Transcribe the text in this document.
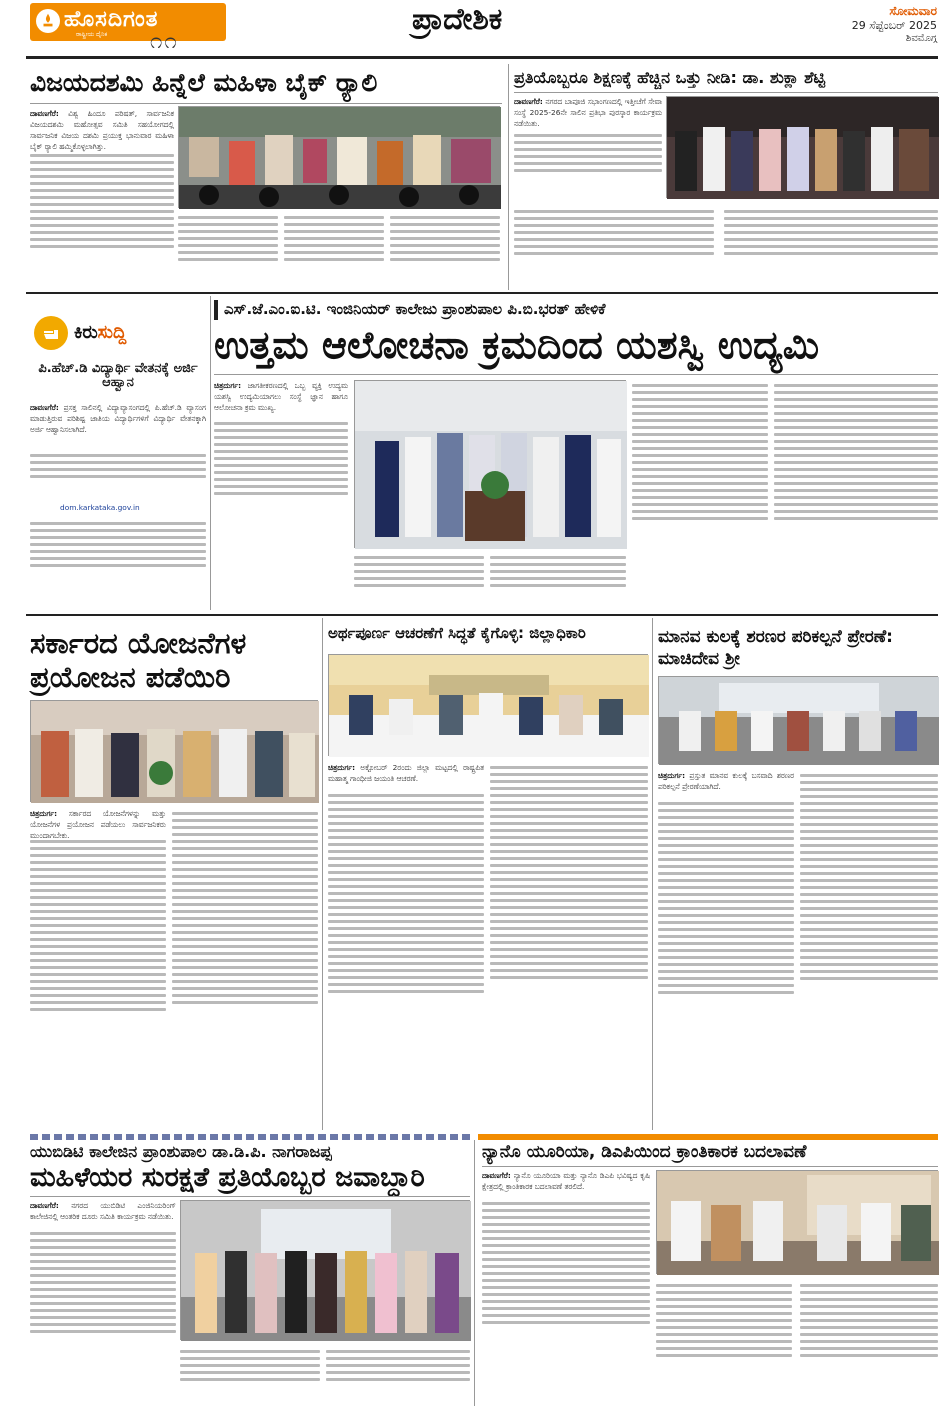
ಹೊಸದಿಗಂತ
ರಾಷ್ಟ್ರೀಯ ದೈನಿಕ ೧೧
ಪ್ರಾದೇಶಿಕ	ಸೋಮವಾರ
29 ಸೆಪ್ಟೆಂಬರ್ 2025
ಶಿವಮೊಗ್ಗ
ವಿಜಯದಶಮಿ ಹಿನ್ನೆಲೆ ಮಹಿಳಾ ಬೈಕ್ ರ‍್ಯಾಲಿ
ದಾವಣಗೆರೆ: ವಿಶ್ವ ಹಿಂದೂ ಪರಿಷತ್, ಸಾರ್ವಜನಿಕ ವಿಜಯದಶಮಿ ಮಹೋತ್ಸವ ಸಮಿತಿ ಸಹಯೋಗದಲ್ಲಿ ಸಾರ್ವಜನಿಕ ವಿಜಯ ದಶಮಿ ಪ್ರಯುಕ್ತ ಭಾನುವಾರ ಮಹಿಳಾ ಬೈಕ್ ರ‍್ಯಾಲಿ ಹಮ್ಮಿಕೊಳ್ಳಲಾಗಿತ್ತು.
ಪ್ರತಿಯೊಬ್ಬರೂ ಶಿಕ್ಷಣಕ್ಕೆ ಹೆಚ್ಚಿನ ಒತ್ತು ನೀಡಿ: ಡಾ. ಶುಕ್ಲಾ ಶೆಟ್ಟಿ
ದಾವಣಗೆರೆ: ನಗರದ ಬಾಪೂಜಿ ಸಭಾಂಗಣದಲ್ಲಿ ಇತ್ತೀಚೆಗೆ ಸೇವಾ ಸಂಸ್ಥೆ 2025-26ನೇ ಸಾಲಿನ ಪ್ರತಿಭಾ ಪುರಸ್ಕಾರ ಕಾರ್ಯಕ್ರಮ ನಡೆಯಿತು.
ಕಿರುಸುದ್ದಿ
ಪಿ.ಹೆಚ್.ಡಿ ವಿದ್ಯಾರ್ಥಿ ವೇತನಕ್ಕೆ ಅರ್ಜಿ ಆಹ್ವಾನ
ದಾವಣಗೆರೆ: ಪ್ರಸಕ್ತ ಸಾಲಿನಲ್ಲಿ ವಿದ್ಯಾವ್ಯಾಸಂಗದಲ್ಲಿ ಪಿ.ಹೆಚ್.ಡಿ ವ್ಯಾಸಂಗ ಮಾಡುತ್ತಿರುವ ಪರಿಶಿಷ್ಟ ಜಾತಿಯ ವಿದ್ಯಾರ್ಥಿಗಳಿಗೆ ವಿದ್ಯಾರ್ಥಿ ವೇತನಕ್ಕಾಗಿ ಅರ್ಜಿ ಆಹ್ವಾನಿಸಲಾಗಿದೆ.
dom.karkataka.gov.in
ಎಸ್.ಜೆ.ಎಂ.ಐ.ಟಿ. ಇಂಜಿನಿಯರ್ ಕಾಲೇಜು ಪ್ರಾಂಶುಪಾಲ ಪಿ.ಬಿ.ಭರತ್ ಹೇಳಿಕೆ
ಉತ್ತಮ ಆಲೋಚನಾ ಕ್ರಮದಿಂದ ಯಶಸ್ವಿ ಉದ್ಯಮಿ
ಚಿತ್ರದುರ್ಗ: ಜಾಗತೀಕರಣದಲ್ಲಿ ಒಬ್ಬ ವ್ಯಕ್ತಿ ಉದ್ಯಮ ಯಶಸ್ವಿ ಉದ್ಯಮಿಯಾಗಲು ಸಂಸ್ಥೆ ಜ್ಞಾನ ಹಾಗೂ ಆಲೋಚನಾ ಕ್ರಮ ಮುಖ್ಯ.
ಸರ್ಕಾರದ ಯೋಜನೆಗಳ ಪ್ರಯೋಜನ ಪಡೆಯಿರಿ
ಚಿತ್ರದುರ್ಗ: ಸರ್ಕಾರದ ಯೋಜನೆಗಳನ್ನು ಮತ್ತು ಯೋಜನೆಗಳ ಪ್ರಯೋಜನ ಪಡೆಯಲು ಸಾರ್ವಜನಿಕರು ಮುಂದಾಗಬೇಕು.
ಅರ್ಥಪೂರ್ಣ ಆಚರಣೆಗೆ ಸಿದ್ಧತೆ ಕೈಗೊಳ್ಳಿ: ಜಿಲ್ಲಾಧಿಕಾರಿ
ಚಿತ್ರದುರ್ಗ: ಅಕ್ಟೋಬರ್ 2ರಂದು ಜಿಲ್ಲಾ ಮಟ್ಟದಲ್ಲಿ ರಾಷ್ಟ್ರಪಿತ ಮಹಾತ್ಮ ಗಾಂಧೀಜಿ ಜಯಂತಿ ಆಚರಣೆ.
ಮಾನವ ಕುಲಕ್ಕೆ ಶರಣರ ಪರಿಕಲ್ಪನೆ ಪ್ರೇರಣೆ: ಮಾಚಿದೇವ ಶ್ರೀ
ಚಿತ್ರದುರ್ಗ: ಪ್ರಸ್ತುತ ಮಾನವ ಕುಲಕ್ಕೆ ಬಸವಾದಿ ಶರಣರ ಪರಿಕಲ್ಪನೆ ಪ್ರೇರಣೆಯಾಗಿದೆ.
ಯುಬಿಡಿಟಿ ಕಾಲೇಜಿನ ಪ್ರಾಂಶುಪಾಲ ಡಾ.ಡಿ.ಪಿ. ನಾಗರಾಜಪ್ಪ
ಮಹಿಳೆಯರ ಸುರಕ್ಷತೆ ಪ್ರತಿಯೊಬ್ಬರ ಜವಾಬ್ದಾರಿ
ದಾವಣಗೆರೆ: ನಗರದ ಯುಬಿಡಿಟಿ ಎಂಜಿನಿಯರಿಂಗ್ ಕಾಲೇಜಿನಲ್ಲಿ ಆಂತರಿಕ ದೂರು ಸಮಿತಿ ಕಾರ್ಯಕ್ರಮ ನಡೆಯಿತು.
ನ್ಯಾನೊ ಯೂರಿಯಾ, ಡಿಎಪಿಯಿಂದ ಕ್ರಾಂತಿಕಾರಕ ಬದಲಾವಣೆ
ದಾವಣಗೆರೆ: ನ್ಯಾನೊ ಯೂರಿಯಾ ಮತ್ತು ನ್ಯಾನೊ ಡಿಎಪಿ ಭವಿಷ್ಯದ ಕೃಷಿ ಕ್ಷೇತ್ರದಲ್ಲಿ ಕ್ರಾಂತಿಕಾರಕ ಬದಲಾವಣೆ ತರಲಿದೆ.
